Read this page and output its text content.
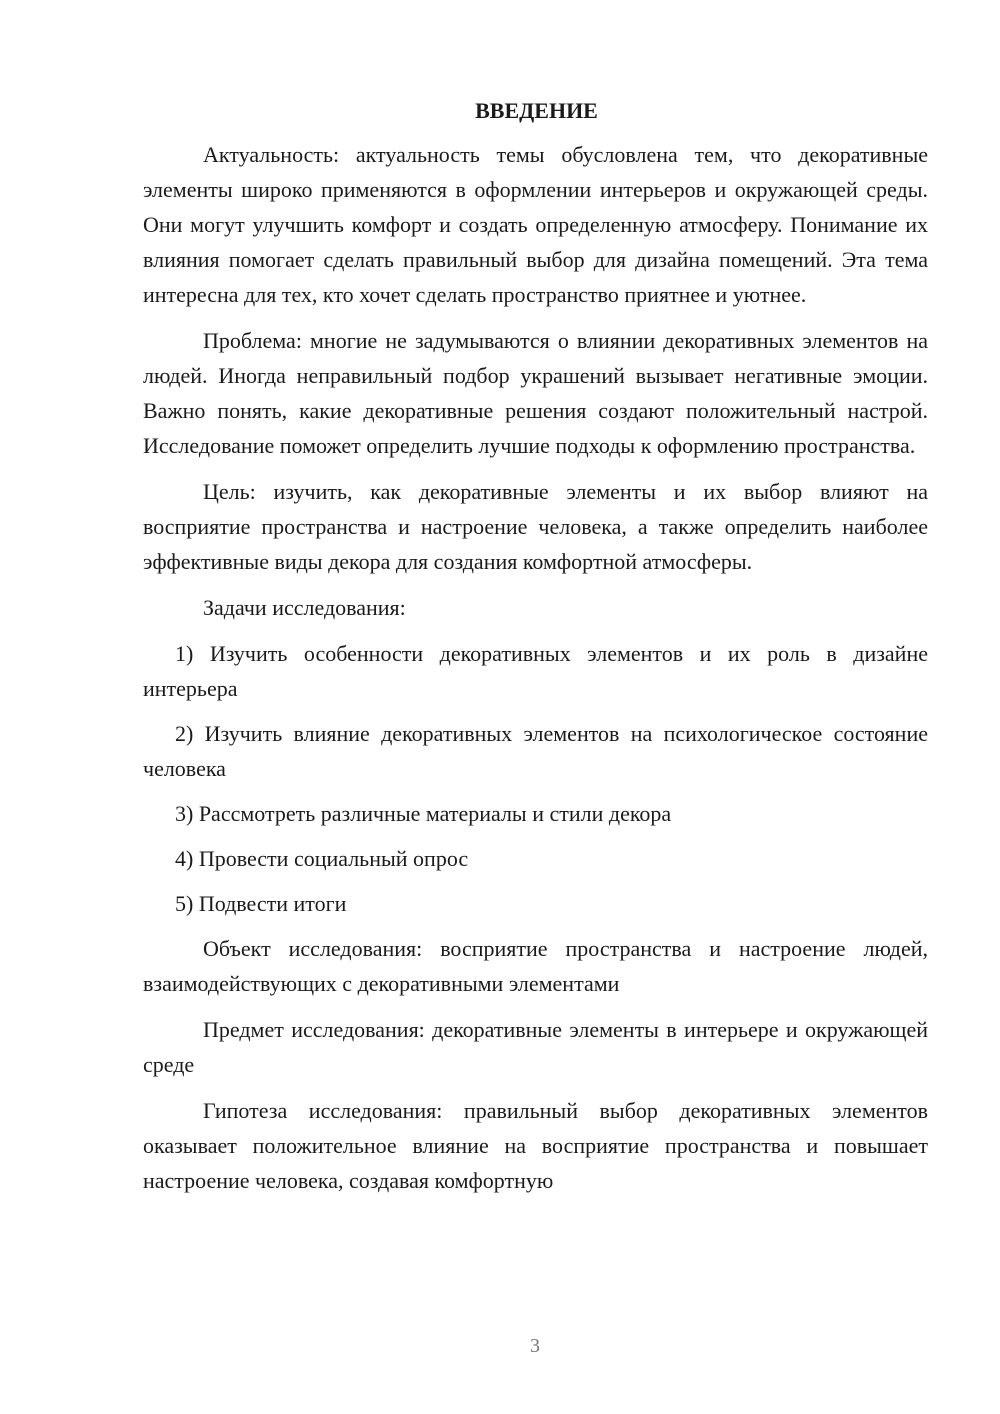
ВВЕДЕНИЕ

Актуальность: актуальность темы обусловлена тем, что декоративные элементы широко применяются в оформлении интерьеров и окружающей среды. Они могут улучшить комфорт и создать определенную атмосферу. Понимание их влияния помогает сделать правильный выбор для дизайна помещений. Эта тема интересна для тех, кто хочет сделать пространство приятнее и уютнее.

Проблема: многие не задумываются о влиянии декоративных элементов на людей. Иногда неправильный подбор украшений вызывает негативные эмоции. Важно понять, какие декоративные решения создают положительный настрой. Исследование поможет определить лучшие подходы к оформлению пространства.

Цель: изучить, как декоративные элементы и их выбор влияют на восприятие пространства и настроение человека, а также определить наиболее эффективные виды декора для создания комфортной атмосферы.

Задачи исследования:

1) Изучить особенности декоративных элементов и их роль в дизайне интерьера

2) Изучить влияние декоративных элементов на психологическое состояние человека

3) Рассмотреть различные материалы и стили декора

4) Провести социальный опрос

5) Подвести итоги

Объект исследования: восприятие пространства и настроение людей, взаимодействующих с декоративными элементами

Предмет исследования: декоративные элементы в интерьере и окружающей среде

Гипотеза исследования: правильный выбор декоративных элементов оказывает положительное влияние на восприятие пространства и повышает настроение человека, создавая комфортную

3
